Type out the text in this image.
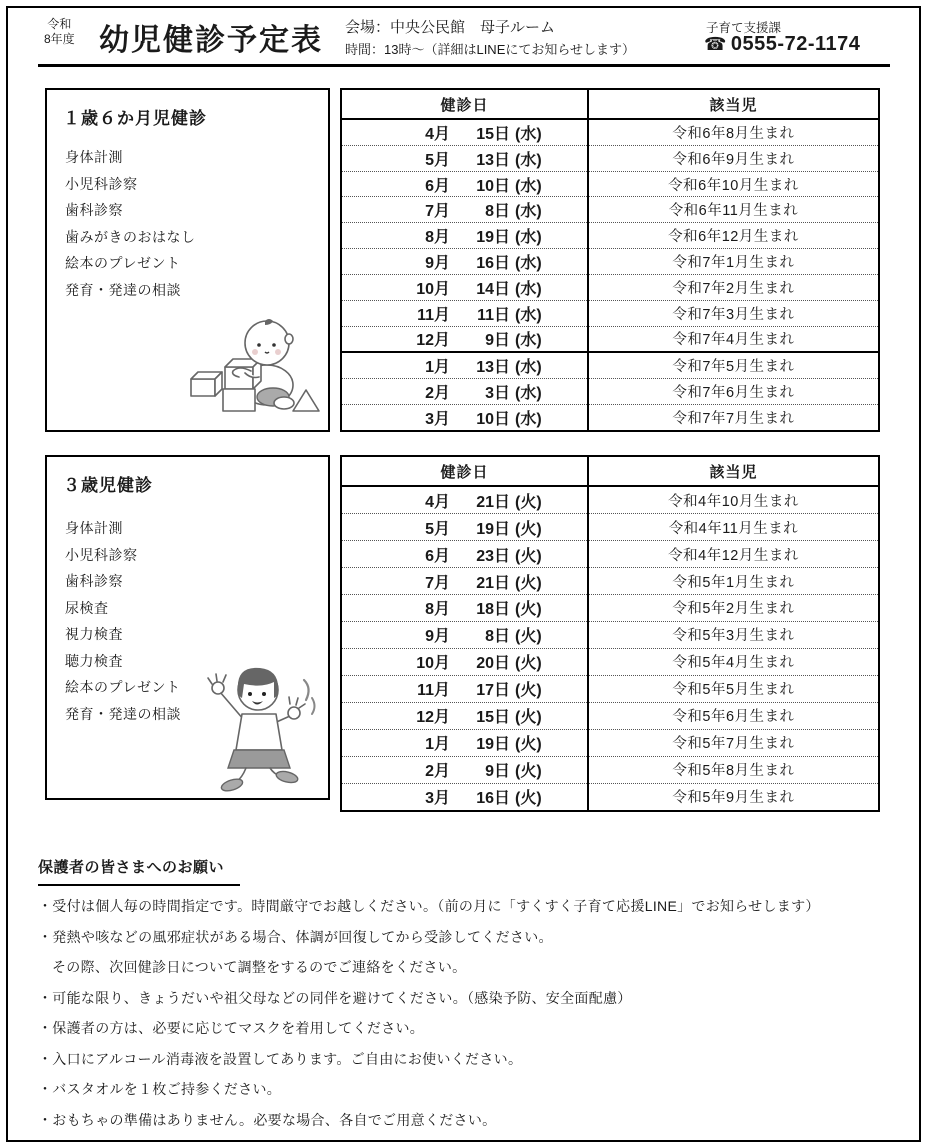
令和
8年度 幼児健診予定表 会場：中央公民館　母子ルーム
時間：13時～（詳細はLINEにてお知らせします）
子育て支援課
☎ 0555-72-1174
１歳６か月児健診
身体計測
小児科診察
歯科診察
歯みがきのおはなし
絵本のプレゼント
発育・発達の相談
健診日	該当児
4月 15日 (水)	令和6年8月生まれ
5月 13日 (水)	令和6年9月生まれ
6月 10日 (水)	令和6年10月生まれ
7月 8日 (水)	令和6年11月生まれ
8月 19日 (水)	令和6年12月生まれ
9月 16日 (水)	令和7年1月生まれ
10月 14日 (水)	令和7年2月生まれ
11月 11日 (水)	令和7年3月生まれ
12月 9日 (水)	令和7年4月生まれ
1月 13日 (水)	令和7年5月生まれ
2月 3日 (水)	令和7年6月生まれ
3月 10日 (水)	令和7年7月生まれ
３歳児健診
身体計測
小児科診察
歯科診察
尿検査
視力検査
聴力検査
絵本のプレゼント
発育・発達の相談
健診日	該当児
4月 21日 (火)	令和4年10月生まれ
5月 19日 (火)	令和4年11月生まれ
6月 23日 (火)	令和4年12月生まれ
7月 21日 (火)	令和5年1月生まれ
8月 18日 (火)	令和5年2月生まれ
9月 8日 (火)	令和5年3月生まれ
10月 20日 (火)	令和5年4月生まれ
11月 17日 (火)	令和5年5月生まれ
12月 15日 (火)	令和5年6月生まれ
1月 19日 (火)	令和5年7月生まれ
2月 9日 (火)	令和5年8月生まれ
3月 16日 (火)	令和5年9月生まれ
保護者の皆さまへのお願い
・受付は個人毎の時間指定です。時間厳守でお越しください。（前の月に「すくすく子育て応援LINE」でお知らせします）
・発熱や咳などの風邪症状がある場合、体調が回復してから受診してください。
その際、次回健診日について調整をするのでご連絡をください。
・可能な限り、きょうだいや祖父母などの同伴を避けてください。（感染予防、安全面配慮）
・保護者の方は、必要に応じてマスクを着用してください。
・入口にアルコール消毒液を設置してあります。ご自由にお使いください。
・バスタオルを１枚ご持参ください。
・おもちゃの準備はありません。必要な場合、各自でご用意ください。
